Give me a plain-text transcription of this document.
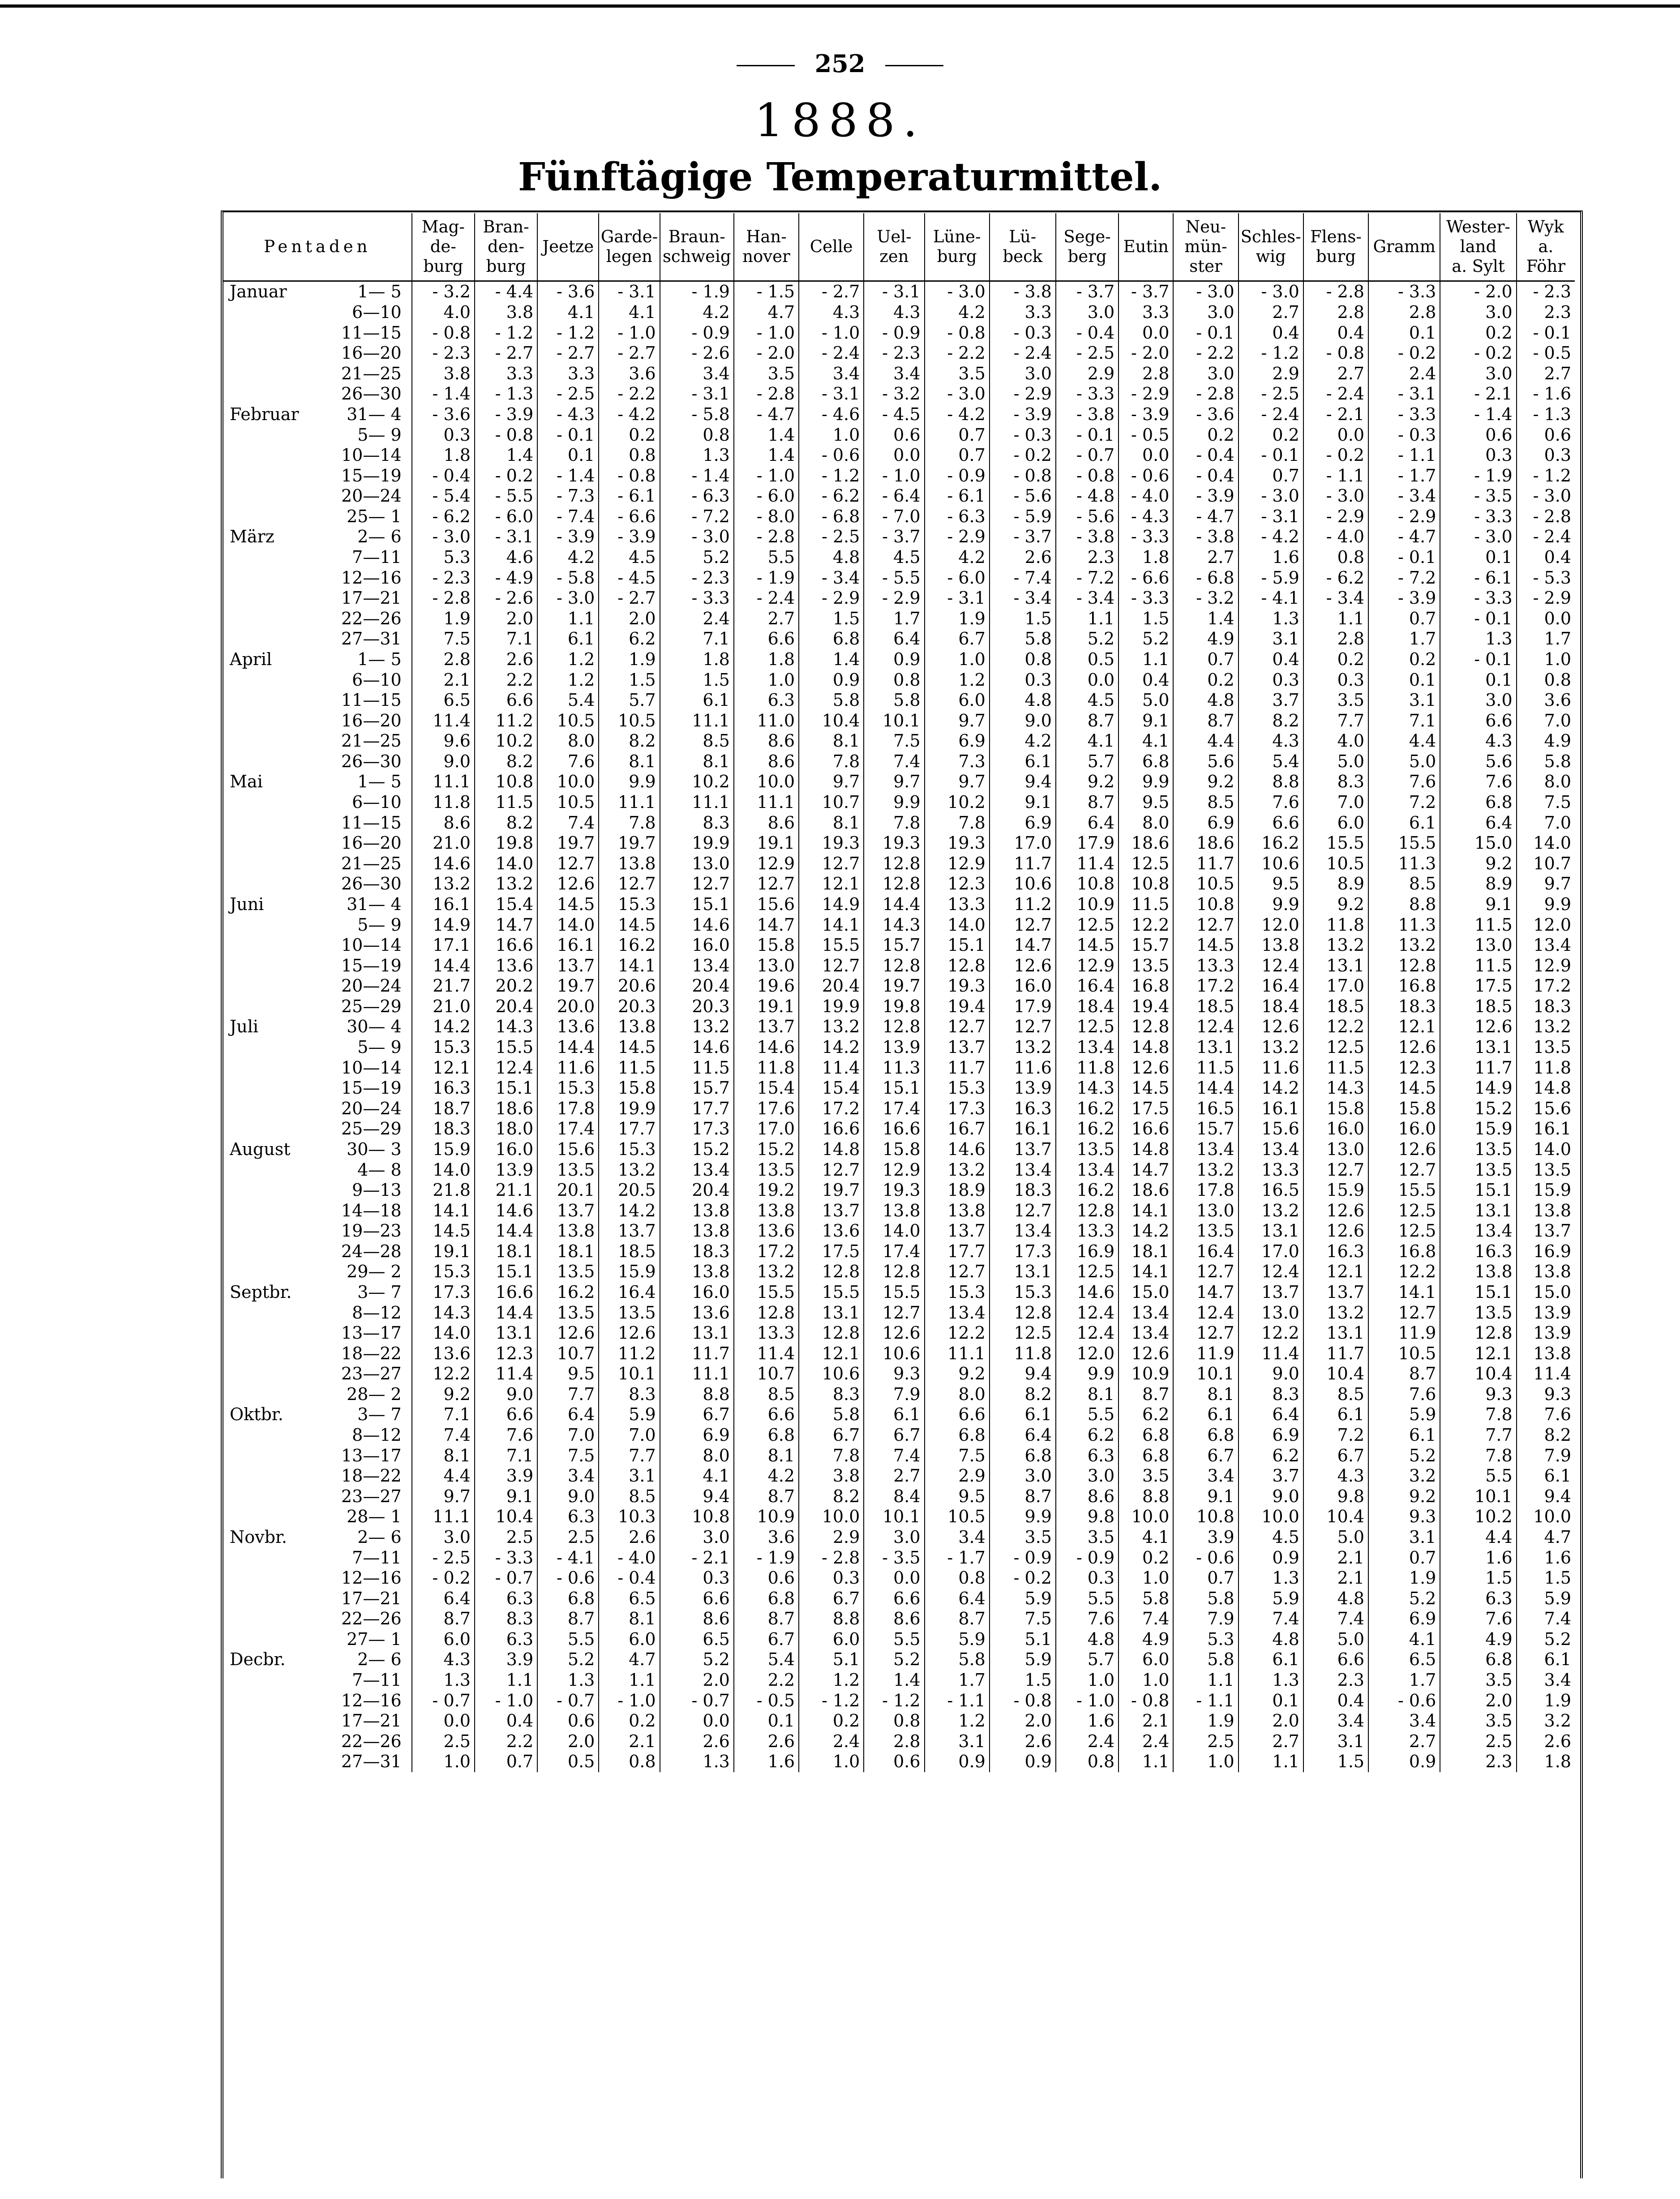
252
1888.
Fünftägige Temperaturmittel.
Pentaden	Mag-
de-
burg	Bran-
den-
burg	Jeetze	Garde-
legen	Braun-
schweig	Han-
nover	Celle	Uel-
zen	Lüne-
burg	Lü-
beck	Sege-
berg	Eutin	Neu-
mün-
ster	Schles-
wig	Flens-
burg	Gramm	Wester-
land
a. Sylt	Wyk
a. Föhr

Januar 1— 5	- 3.2	- 4.4	- 3.6	- 3.1	- 1.9	- 1.5	- 2.7	- 3.1	- 3.0	- 3.8	- 3.7	- 3.7	- 3.0	- 3.0	- 2.8	- 3.3	- 2.0	- 2.3
6—10	4.0	3.8	4.1	4.1	4.2	4.7	4.3	4.3	4.2	3.3	3.0	3.3	3.0	2.7	2.8	2.8	3.0	2.3
11—15	- 0.8	- 1.2	- 1.2	- 1.0	- 0.9	- 1.0	- 1.0	- 0.9	- 0.8	- 0.3	- 0.4	0.0	- 0.1	0.4	0.4	0.1	0.2	- 0.1
16—20	- 2.3	- 2.7	- 2.7	- 2.7	- 2.6	- 2.0	- 2.4	- 2.3	- 2.2	- 2.4	- 2.5	- 2.0	- 2.2	- 1.2	- 0.8	- 0.2	- 0.2	- 0.5
21—25	3.8	3.3	3.3	3.6	3.4	3.5	3.4	3.4	3.5	3.0	2.9	2.8	3.0	2.9	2.7	2.4	3.0	2.7
26—30	- 1.4	- 1.3	- 2.5	- 2.2	- 3.1	- 2.8	- 3.1	- 3.2	- 3.0	- 2.9	- 3.3	- 2.9	- 2.8	- 2.5	- 2.4	- 3.1	- 2.1	- 1.6

Februar 31— 4	- 3.6	- 3.9	- 4.3	- 4.2	- 5.8	- 4.7	- 4.6	- 4.5	- 4.2	- 3.9	- 3.8	- 3.9	- 3.6	- 2.4	- 2.1	- 3.3	- 1.4	- 1.3
5— 9	0.3	- 0.8	- 0.1	0.2	0.8	1.4	1.0	0.6	0.7	- 0.3	- 0.1	- 0.5	0.2	0.2	0.0	- 0.3	0.6	0.6
10—14	1.8	1.4	0.1	0.8	1.3	1.4	- 0.6	0.0	0.7	- 0.2	- 0.7	0.0	- 0.4	- 0.1	- 0.2	- 1.1	0.3	0.3
15—19	- 0.4	- 0.2	- 1.4	- 0.8	- 1.4	- 1.0	- 1.2	- 1.0	- 0.9	- 0.8	- 0.8	- 0.6	- 0.4	0.7	- 1.1	- 1.7	- 1.9	- 1.2
20—24	- 5.4	- 5.5	- 7.3	- 6.1	- 6.3	- 6.0	- 6.2	- 6.4	- 6.1	- 5.6	- 4.8	- 4.0	- 3.9	- 3.0	- 3.0	- 3.4	- 3.5	- 3.0
25— 1	- 6.2	- 6.0	- 7.4	- 6.6	- 7.2	- 8.0	- 6.8	- 7.0	- 6.3	- 5.9	- 5.6	- 4.3	- 4.7	- 3.1	- 2.9	- 2.9	- 3.3	- 2.8

März 2— 6	- 3.0	- 3.1	- 3.9	- 3.9	- 3.0	- 2.8	- 2.5	- 3.7	- 2.9	- 3.7	- 3.8	- 3.3	- 3.8	- 4.2	- 4.0	- 4.7	- 3.0	- 2.4
7—11	5.3	4.6	4.2	4.5	5.2	5.5	4.8	4.5	4.2	2.6	2.3	1.8	2.7	1.6	0.8	- 0.1	0.1	0.4
12—16	- 2.3	- 4.9	- 5.8	- 4.5	- 2.3	- 1.9	- 3.4	- 5.5	- 6.0	- 7.4	- 7.2	- 6.6	- 6.8	- 5.9	- 6.2	- 7.2	- 6.1	- 5.3
17—21	- 2.8	- 2.6	- 3.0	- 2.7	- 3.3	- 2.4	- 2.9	- 2.9	- 3.1	- 3.4	- 3.4	- 3.3	- 3.2	- 4.1	- 3.4	- 3.9	- 3.3	- 2.9
22—26	1.9	2.0	1.1	2.0	2.4	2.7	1.5	1.7	1.9	1.5	1.1	1.5	1.4	1.3	1.1	0.7	- 0.1	0.0
27—31	7.5	7.1	6.1	6.2	7.1	6.6	6.8	6.4	6.7	5.8	5.2	5.2	4.9	3.1	2.8	1.7	1.3	1.7

April 1— 5	2.8	2.6	1.2	1.9	1.8	1.8	1.4	0.9	1.0	0.8	0.5	1.1	0.7	0.4	0.2	0.2	- 0.1	1.0
6—10	2.1	2.2	1.2	1.5	1.5	1.0	0.9	0.8	1.2	0.3	0.0	0.4	0.2	0.3	0.3	0.1	0.1	0.8
11—15	6.5	6.6	5.4	5.7	6.1	6.3	5.8	5.8	6.0	4.8	4.5	5.0	4.8	3.7	3.5	3.1	3.0	3.6
16—20	11.4	11.2	10.5	10.5	11.1	11.0	10.4	10.1	9.7	9.0	8.7	9.1	8.7	8.2	7.7	7.1	6.6	7.0
21—25	9.6	10.2	8.0	8.2	8.5	8.6	8.1	7.5	6.9	4.2	4.1	4.1	4.4	4.3	4.0	4.4	4.3	4.9
26—30	9.0	8.2	7.6	8.1	8.1	8.6	7.8	7.4	7.3	6.1	5.7	6.8	5.6	5.4	5.0	5.0	5.6	5.8

Mai 1— 5	11.1	10.8	10.0	9.9	10.2	10.0	9.7	9.7	9.7	9.4	9.2	9.9	9.2	8.8	8.3	7.6	7.6	8.0
6—10	11.8	11.5	10.5	11.1	11.1	11.1	10.7	9.9	10.2	9.1	8.7	9.5	8.5	7.6	7.0	7.2	6.8	7.5
11—15	8.6	8.2	7.4	7.8	8.3	8.6	8.1	7.8	7.8	6.9	6.4	8.0	6.9	6.6	6.0	6.1	6.4	7.0
16—20	21.0	19.8	19.7	19.7	19.9	19.1	19.3	19.3	19.3	17.0	17.9	18.6	18.6	16.2	15.5	15.5	15.0	14.0
21—25	14.6	14.0	12.7	13.8	13.0	12.9	12.7	12.8	12.9	11.7	11.4	12.5	11.7	10.6	10.5	11.3	9.2	10.7
26—30	13.2	13.2	12.6	12.7	12.7	12.7	12.1	12.8	12.3	10.6	10.8	10.8	10.5	9.5	8.9	8.5	8.9	9.7

Juni 31— 4	16.1	15.4	14.5	15.3	15.1	15.6	14.9	14.4	13.3	11.2	10.9	11.5	10.8	9.9	9.2	8.8	9.1	9.9
5— 9	14.9	14.7	14.0	14.5	14.6	14.7	14.1	14.3	14.0	12.7	12.5	12.2	12.7	12.0	11.8	11.3	11.5	12.0
10—14	17.1	16.6	16.1	16.2	16.0	15.8	15.5	15.7	15.1	14.7	14.5	15.7	14.5	13.8	13.2	13.2	13.0	13.4
15—19	14.4	13.6	13.7	14.1	13.4	13.0	12.7	12.8	12.8	12.6	12.9	13.5	13.3	12.4	13.1	12.8	11.5	12.9
20—24	21.7	20.2	19.7	20.6	20.4	19.6	20.4	19.7	19.3	16.0	16.4	16.8	17.2	16.4	17.0	16.8	17.5	17.2
25—29	21.0	20.4	20.0	20.3	20.3	19.1	19.9	19.8	19.4	17.9	18.4	19.4	18.5	18.4	18.5	18.3	18.5	18.3

Juli 30— 4	14.2	14.3	13.6	13.8	13.2	13.7	13.2	12.8	12.7	12.7	12.5	12.8	12.4	12.6	12.2	12.1	12.6	13.2
5— 9	15.3	15.5	14.4	14.5	14.6	14.6	14.2	13.9	13.7	13.2	13.4	14.8	13.1	13.2	12.5	12.6	13.1	13.5
10—14	12.1	12.4	11.6	11.5	11.5	11.8	11.4	11.3	11.7	11.6	11.8	12.6	11.5	11.6	11.5	12.3	11.7	11.8
15—19	16.3	15.1	15.3	15.8	15.7	15.4	15.4	15.1	15.3	13.9	14.3	14.5	14.4	14.2	14.3	14.5	14.9	14.8
20—24	18.7	18.6	17.8	19.9	17.7	17.6	17.2	17.4	17.3	16.3	16.2	17.5	16.5	16.1	15.8	15.8	15.2	15.6
25—29	18.3	18.0	17.4	17.7	17.3	17.0	16.6	16.6	16.7	16.1	16.2	16.6	15.7	15.6	16.0	16.0	15.9	16.1

August 30— 3	15.9	16.0	15.6	15.3	15.2	15.2	14.8	15.8	14.6	13.7	13.5	14.8	13.4	13.4	13.0	12.6	13.5	14.0
4— 8	14.0	13.9	13.5	13.2	13.4	13.5	12.7	12.9	13.2	13.4	13.4	14.7	13.2	13.3	12.7	12.7	13.5	13.5
9—13	21.8	21.1	20.1	20.5	20.4	19.2	19.7	19.3	18.9	18.3	16.2	18.6	17.8	16.5	15.9	15.5	15.1	15.9
14—18	14.1	14.6	13.7	14.2	13.8	13.8	13.7	13.8	13.8	12.7	12.8	14.1	13.0	13.2	12.6	12.5	13.1	13.8
19—23	14.5	14.4	13.8	13.7	13.8	13.6	13.6	14.0	13.7	13.4	13.3	14.2	13.5	13.1	12.6	12.5	13.4	13.7
24—28	19.1	18.1	18.1	18.5	18.3	17.2	17.5	17.4	17.7	17.3	16.9	18.1	16.4	17.0	16.3	16.8	16.3	16.9
29— 2	15.3	15.1	13.5	15.9	13.8	13.2	12.8	12.8	12.7	13.1	12.5	14.1	12.7	12.4	12.1	12.2	13.8	13.8

Septbr. 3— 7	17.3	16.6	16.2	16.4	16.0	15.5	15.5	15.5	15.3	15.3	14.6	15.0	14.7	13.7	13.7	14.1	15.1	15.0
8—12	14.3	14.4	13.5	13.5	13.6	12.8	13.1	12.7	13.4	12.8	12.4	13.4	12.4	13.0	13.2	12.7	13.5	13.9
13—17	14.0	13.1	12.6	12.6	13.1	13.3	12.8	12.6	12.2	12.5	12.4	13.4	12.7	12.2	13.1	11.9	12.8	13.9
18—22	13.6	12.3	10.7	11.2	11.7	11.4	12.1	10.6	11.1	11.8	12.0	12.6	11.9	11.4	11.7	10.5	12.1	13.8
23—27	12.2	11.4	9.5	10.1	11.1	10.7	10.6	9.3	9.2	9.4	9.9	10.9	10.1	9.0	10.4	8.7	10.4	11.4
28— 2	9.2	9.0	7.7	8.3	8.8	8.5	8.3	7.9	8.0	8.2	8.1	8.7	8.1	8.3	8.5	7.6	9.3	9.3

Oktbr. 3— 7	7.1	6.6	6.4	5.9	6.7	6.6	5.8	6.1	6.6	6.1	5.5	6.2	6.1	6.4	6.1	5.9	7.8	7.6
8—12	7.4	7.6	7.0	7.0	6.9	6.8	6.7	6.7	6.8	6.4	6.2	6.8	6.8	6.9	7.2	6.1	7.7	8.2
13—17	8.1	7.1	7.5	7.7	8.0	8.1	7.8	7.4	7.5	6.8	6.3	6.8	6.7	6.2	6.7	5.2	7.8	7.9
18—22	4.4	3.9	3.4	3.1	4.1	4.2	3.8	2.7	2.9	3.0	3.0	3.5	3.4	3.7	4.3	3.2	5.5	6.1
23—27	9.7	9.1	9.0	8.5	9.4	8.7	8.2	8.4	9.5	8.7	8.6	8.8	9.1	9.0	9.8	9.2	10.1	9.4
28— 1	11.1	10.4	6.3	10.3	10.8	10.9	10.0	10.1	10.5	9.9	9.8	10.0	10.8	10.0	10.4	9.3	10.2	10.0

Novbr. 2— 6	3.0	2.5	2.5	2.6	3.0	3.6	2.9	3.0	3.4	3.5	3.5	4.1	3.9	4.5	5.0	3.1	4.4	4.7
7—11	- 2.5	- 3.3	- 4.1	- 4.0	- 2.1	- 1.9	- 2.8	- 3.5	- 1.7	- 0.9	- 0.9	0.2	- 0.6	0.9	2.1	0.7	1.6	1.6
12—16	- 0.2	- 0.7	- 0.6	- 0.4	0.3	0.6	0.3	0.0	0.8	- 0.2	0.3	1.0	0.7	1.3	2.1	1.9	1.5	1.5
17—21	6.4	6.3	6.8	6.5	6.6	6.8	6.7	6.6	6.4	5.9	5.5	5.8	5.8	5.9	4.8	5.2	6.3	5.9
22—26	8.7	8.3	8.7	8.1	8.6	8.7	8.8	8.6	8.7	7.5	7.6	7.4	7.9	7.4	7.4	6.9	7.6	7.4
27— 1	6.0	6.3	5.5	6.0	6.5	6.7	6.0	5.5	5.9	5.1	4.8	4.9	5.3	4.8	5.0	4.1	4.9	5.2

Decbr. 2— 6	4.3	3.9	5.2	4.7	5.2	5.4	5.1	5.2	5.8	5.9	5.7	6.0	5.8	6.1	6.6	6.5	6.8	6.1
7—11	1.3	1.1	1.3	1.1	2.0	2.2	1.2	1.4	1.7	1.5	1.0	1.0	1.1	1.3	2.3	1.7	3.5	3.4
12—16	- 0.7	- 1.0	- 0.7	- 1.0	- 0.7	- 0.5	- 1.2	- 1.2	- 1.1	- 0.8	- 1.0	- 0.8	- 1.1	0.1	0.4	- 0.6	2.0	1.9
17—21	0.0	0.4	0.6	0.2	0.0	0.1	0.2	0.8	1.2	2.0	1.6	2.1	1.9	2.0	3.4	3.4	3.5	3.2
22—26	2.5	2.2	2.0	2.1	2.6	2.6	2.4	2.8	3.1	2.6	2.4	2.4	2.5	2.7	3.1	2.7	2.5	2.6
27—31	1.0	0.7	0.5	0.8	1.3	1.6	1.0	0.6	0.9	0.9	0.8	1.1	1.0	1.1	1.5	0.9	2.3	1.8
